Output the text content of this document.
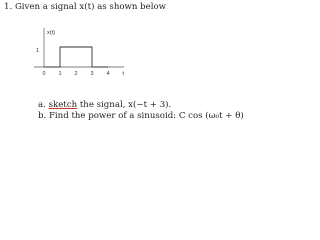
1. Given a signal x(t) as shown below
x(t)
1
0 1 2 3 4 t
a. sketch the signal, x(−t + 3).
b. Find the power of a sinusoid: C cos (ω₀t + θ)
